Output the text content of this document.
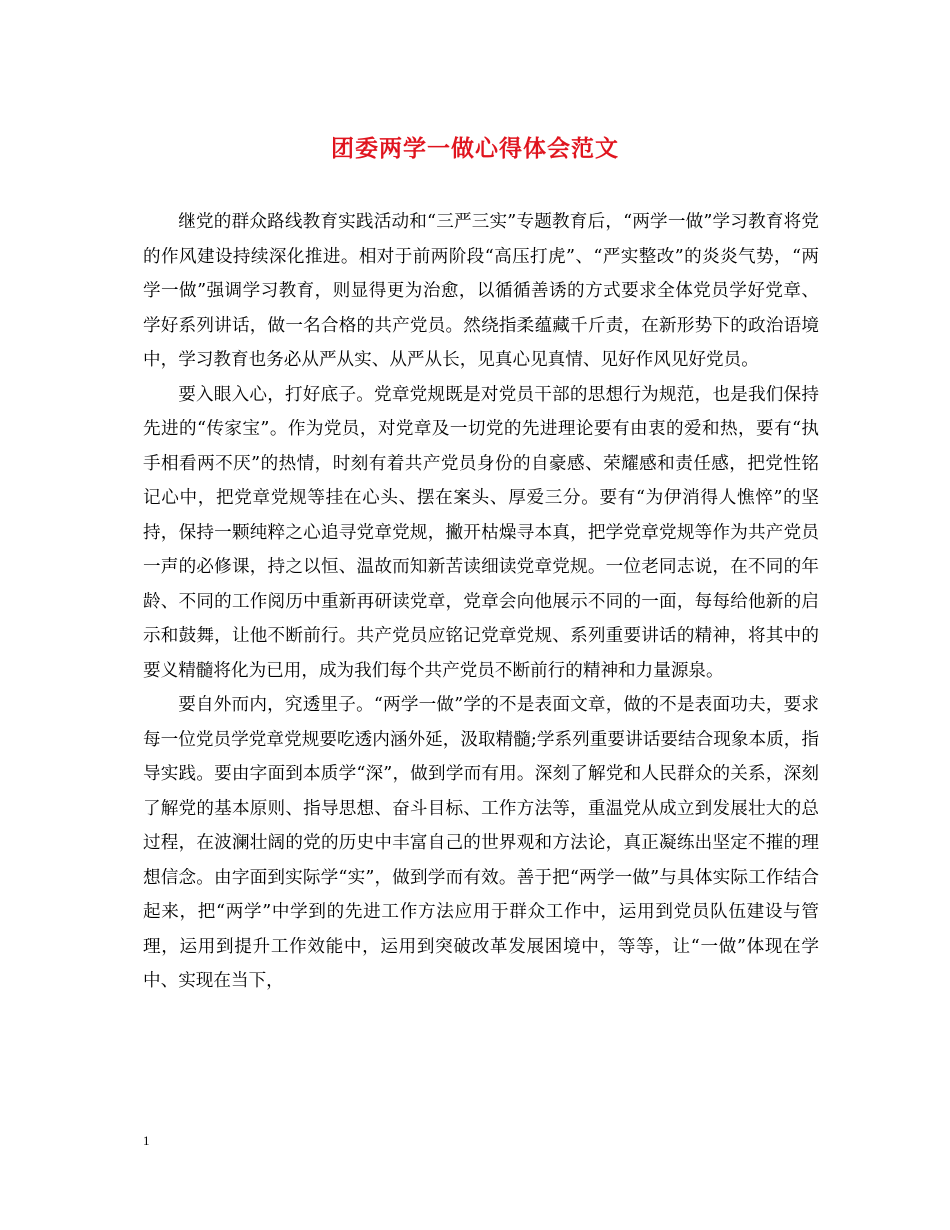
团委两学一做心得体会范文

继党的群众路线教育实践活动和“三严三实”专题教育后，“两学一做”学习教育将党的作风建设持续深化推进。相对于前两阶段“高压打虎”、“严实整改”的炎炎气势，“两学一做”强调学习教育，则显得更为治愈，以循循善诱的方式要求全体党员学好党章、学好系列讲话，做一名合格的共产党员。然绕指柔蕴藏千斤责，在新形势下的政治语境中，学习教育也务必从严从实、从严从长，见真心见真情、见好作风见好党员。

要入眼入心，打好底子。党章党规既是对党员干部的思想行为规范，也是我们保持先进的“传家宝”。作为党员，对党章及一切党的先进理论要有由衷的爱和热，要有“执手相看两不厌”的热情，时刻有着共产党员身份的自豪感、荣耀感和责任感，把党性铭记心中，把党章党规等挂在心头、摆在案头、厚爱三分。要有“为伊消得人憔悴”的坚持，保持一颗纯粹之心追寻党章党规，撇开枯燥寻本真，把学党章党规等作为共产党员一声的必修课，持之以恒、温故而知新苦读细读党章党规。一位老同志说，在不同的年龄、不同的工作阅历中重新再研读党章，党章会向他展示不同的一面，每每给他新的启示和鼓舞，让他不断前行。共产党员应铭记党章党规、系列重要讲话的精神，将其中的要义精髓将化为已用，成为我们每个共产党员不断前行的精神和力量源泉。

要自外而内，究透里子。“两学一做”学的不是表面文章，做的不是表面功夫，要求每一位党员学党章党规要吃透内涵外延，汲取精髓;学系列重要讲话要结合现象本质，指导实践。要由字面到本质学“深”，做到学而有用。深刻了解党和人民群众的关系，深刻了解党的基本原则、指导思想、奋斗目标、工作方法等，重温党从成立到发展壮大的总过程，在波澜壮阔的党的历史中丰富自己的世界观和方法论，真正凝练出坚定不摧的理想信念。由字面到实际学“实”，做到学而有效。善于把“两学一做”与具体实际工作结合起来，把“两学”中学到的先进工作方法应用于群众工作中，运用到党员队伍建设与管理，运用到提升工作效能中，运用到突破改革发展困境中，等等，让“一做”体现在学中、实现在当下，

1
